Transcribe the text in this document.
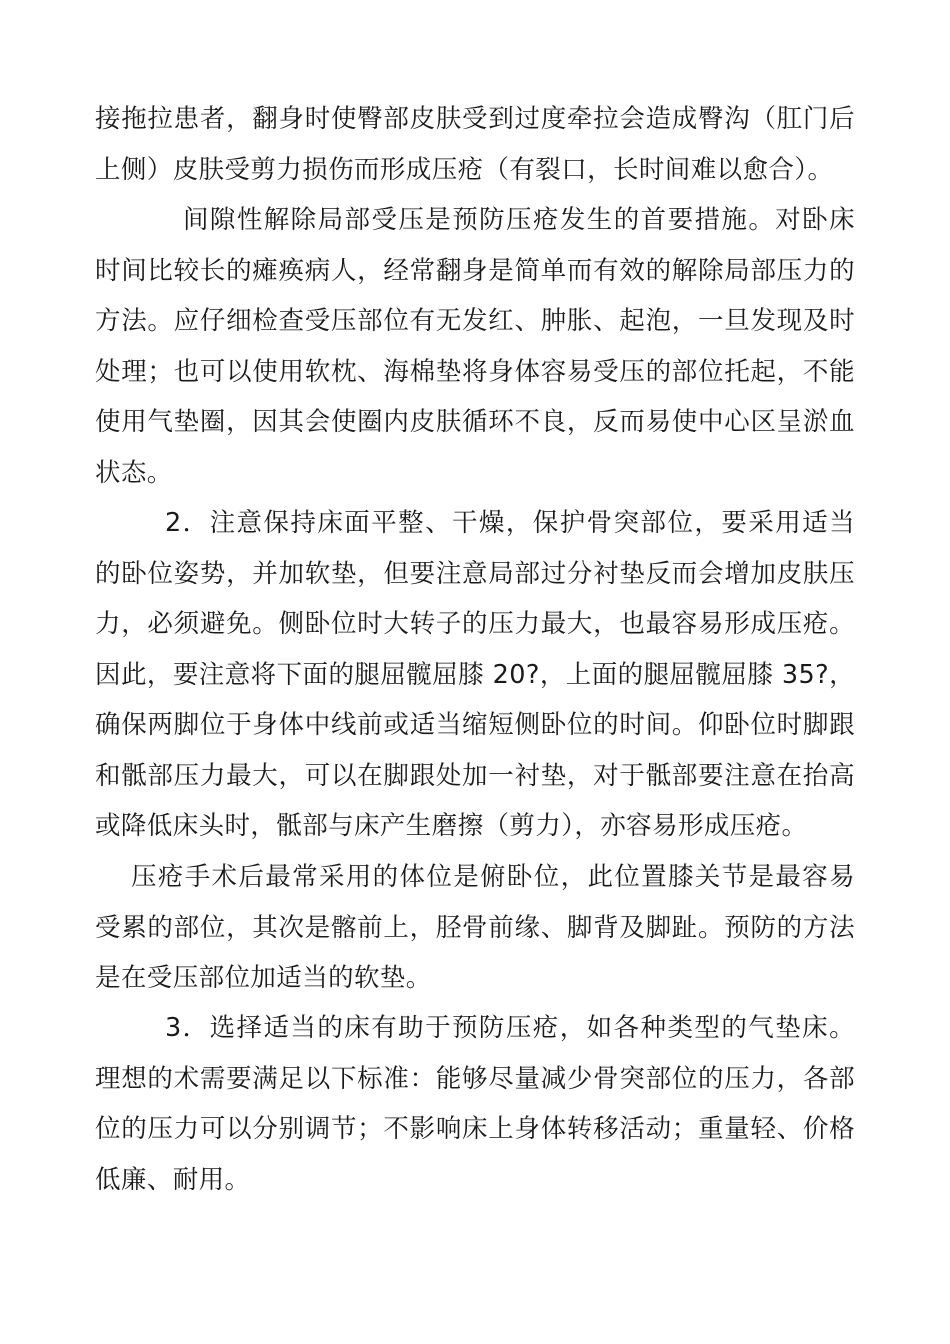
接拖拉患者，翻身时使臀部皮肤受到过度牵拉会造成臀沟（肛门后上侧）皮肤受剪力损伤而形成压疮（有裂口，长时间难以愈合）。

间隙性解除局部受压是预防压疮发生的首要措施。对卧床时间比较长的瘫痪病人，经常翻身是简单而有效的解除局部压力的方法。应仔细检查受压部位有无发红、肿胀、起泡，一旦发现及时处理；也可以使用软枕、海棉垫将身体容易受压的部位托起，不能使用气垫圈，因其会使圈内皮肤循环不良，反而易使中心区呈淤血状态。

2．注意保持床面平整、干燥，保护骨突部位，要采用适当的卧位姿势，并加软垫，但要注意局部过分衬垫反而会增加皮肤压力，必须避免。侧卧位时大转子的压力最大，也最容易形成压疮。因此，要注意将下面的腿屈髋屈膝 20?，上面的腿屈髋屈膝 35?，确保两脚位于身体中线前或适当缩短侧卧位的时间。仰卧位时脚跟和骶部压力最大，可以在脚跟处加一衬垫，对于骶部要注意在抬高或降低床头时，骶部与床产生磨擦（剪力），亦容易形成压疮。

压疮手术后最常采用的体位是俯卧位，此位置膝关节是最容易受累的部位，其次是髂前上，胫骨前缘、脚背及脚趾。预防的方法是在受压部位加适当的软垫。

3．选择适当的床有助于预防压疮，如各种类型的气垫床。理想的术需要满足以下标准：能够尽量减少骨突部位的压力，各部位的压力可以分别调节；不影响床上身体转移活动；重量轻、价格低廉、耐用。
